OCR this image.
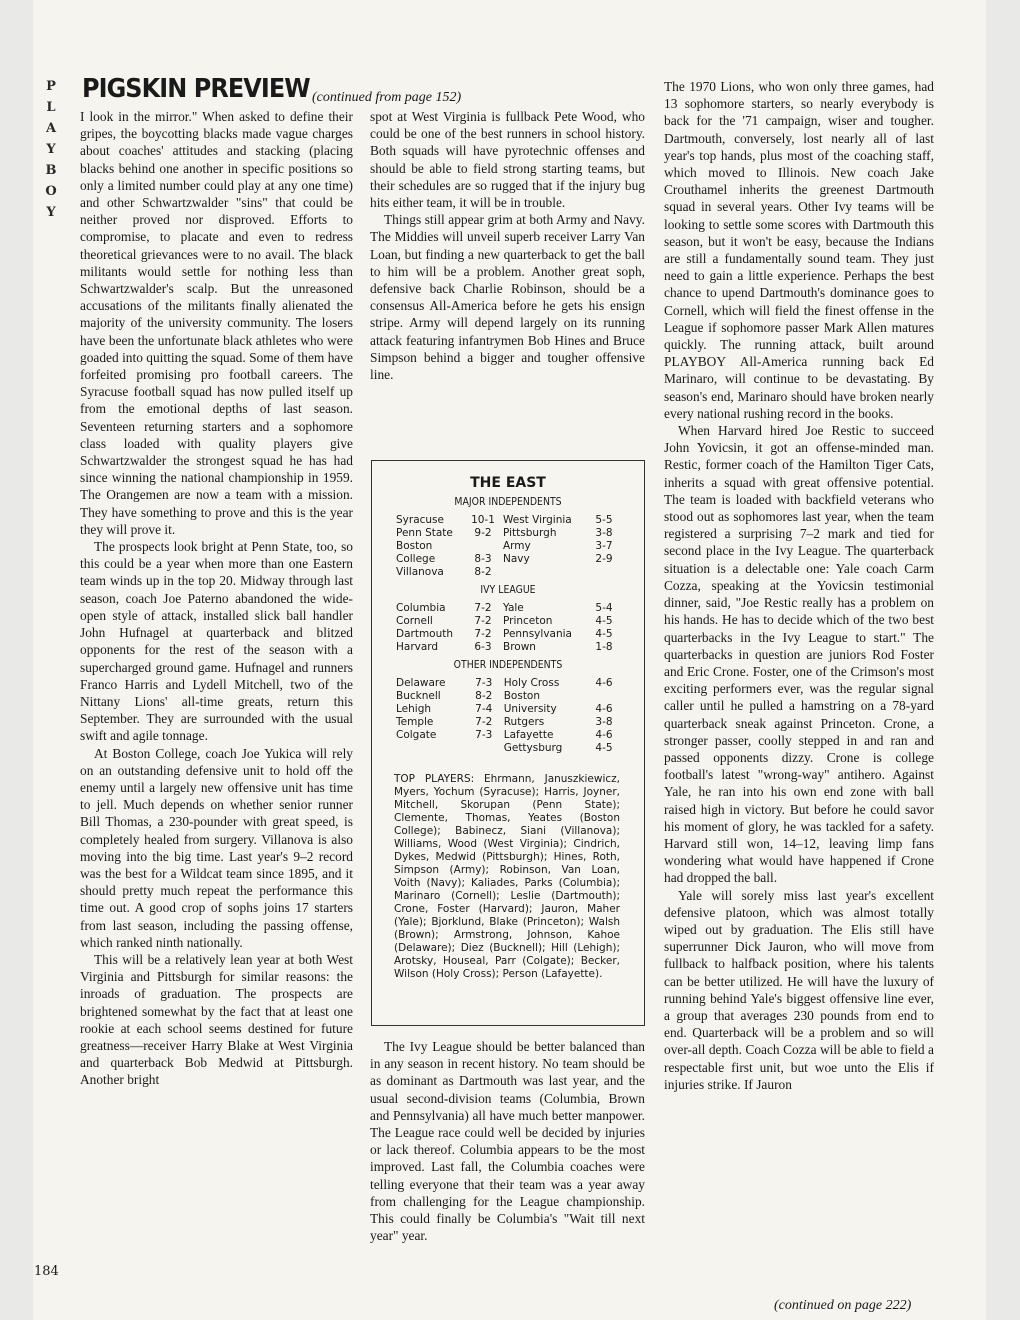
P
L
A
Y
B
O
Y
PIGSKIN PREVIEW (continued from page 152)

I look in the mirror." When asked to define their gripes, the boycotting blacks made vague charges about coaches' attitudes and stacking (placing blacks behind one another in specific positions so only a limited number could play at any one time) and other Schwartzwalder "sins" that could be neither proved nor disproved. Efforts to compromise, to placate and even to redress theoretical grievances were to no avail. The black militants would settle for nothing less than Schwartzwalder's scalp. But the unreasoned accusations of the militants finally alienated the majority of the university community. The losers have been the unfortunate black athletes who were goaded into quitting the squad. Some of them have forfeited promising pro football careers. The Syracuse football squad has now pulled itself up from the emotional depths of last season. Seventeen returning starters and a sophomore class loaded with quality players give Schwartzwalder the strongest squad he has had since winning the national championship in 1959. The Orangemen are now a team with a mission. They have something to prove and this is the year they will prove it.

The prospects look bright at Penn State, too, so this could be a year when more than one Eastern team winds up in the top 20. Midway through last season, coach Joe Paterno abandoned the wide-open style of attack, installed slick ball handler John Hufnagel at quarterback and blitzed opponents for the rest of the season with a supercharged ground game. Hufnagel and runners Franco Harris and Lydell Mitchell, two of the Nittany Lions' all-time greats, return this September. They are surrounded with the usual swift and agile tonnage.

At Boston College, coach Joe Yukica will rely on an outstanding defensive unit to hold off the enemy until a largely new offensive unit has time to jell. Much depends on whether senior runner Bill Thomas, a 230-pounder with great speed, is completely healed from surgery. Villanova is also moving into the big time. Last year's 9–2 record was the best for a Wildcat team since 1895, and it should pretty much repeat the performance this time out. A good crop of sophs joins 17 starters from last season, including the passing offense, which ranked ninth nationally.

This will be a relatively lean year at both West Virginia and Pittsburgh for similar reasons: the inroads of graduation. The prospects are brightened somewhat by the fact that at least one rookie at each school seems destined for future greatness—receiver Harry Blake at West Virginia and quarterback Bob Medwid at Pittsburgh. Another bright

spot at West Virginia is fullback Pete Wood, who could be one of the best runners in school history. Both squads will have pyrotechnic offenses and should be able to field strong starting teams, but their schedules are so rugged that if the injury bug hits either team, it will be in trouble.

Things still appear grim at both Army and Navy. The Middies will unveil superb receiver Larry Van Loan, but finding a new quarterback to get the ball to him will be a problem. Another great soph, defensive back Charlie Robinson, should be a consensus All-America before he gets his ensign stripe. Army will depend largely on its running attack featuring infantrymen Bob Hines and Bruce Simpson behind a bigger and tougher offensive line.

THE EAST
MAJOR INDEPENDENTS
Syracuse	10-1	West Virginia	5-5
Penn State	9-2	Pittsburgh	3-8
Boston		Army	3-7
College	8-3	Navy	2-9
Villanova	8-2		
IVY LEAGUE
Columbia	7-2	Yale	5-4
Cornell	7-2	Princeton	4-5
Dartmouth	7-2	Pennsylvania	4-5
Harvard	6-3	Brown	1-8
OTHER INDEPENDENTS
Delaware	7-3	Holy Cross	4-6
Bucknell	8-2	Boston	
Lehigh	7-4	University	4-6
Temple	7-2	Rutgers	3-8
Colgate	7-3	Lafayette	4-6
		Gettysburg	4-5
TOP PLAYERS: Ehrmann, Januszkiewicz, Myers, Yochum (Syracuse); Harris, Joyner, Mitchell, Skorupan (Penn State); Clemente, Thomas, Yeates (Boston College); Babinecz, Siani (Villanova); Williams, Wood (West Virginia); Cindrich, Dykes, Medwid (Pittsburgh); Hines, Roth, Simpson (Army); Robinson, Van Loan, Voith (Navy); Kaliades, Parks (Columbia); Marinaro (Cornell); Leslie (Dartmouth); Crone, Foster (Harvard); Jauron, Maher (Yale); Bjorklund, Blake (Princeton); Walsh (Brown); Armstrong, Johnson, Kahoe (Delaware); Diez (Bucknell); Hill (Lehigh); Arotsky, Houseal, Parr (Colgate); Becker, Wilson (Holy Cross); Person (Lafayette).

The Ivy League should be better balanced than in any season in recent history. No team should be as dominant as Dartmouth was last year, and the usual second-division teams (Columbia, Brown and Pennsylvania) all have much better manpower. The League race could well be decided by injuries or lack thereof. Columbia appears to be the most improved. Last fall, the Columbia coaches were telling everyone that their team was a year away from challenging for the League championship. This could finally be Columbia's "Wait till next year" year.

The 1970 Lions, who won only three games, had 13 sophomore starters, so nearly everybody is back for the '71 campaign, wiser and tougher. Dartmouth, conversely, lost nearly all of last year's top hands, plus most of the coaching staff, which moved to Illinois. New coach Jake Crouthamel inherits the greenest Dartmouth squad in several years. Other Ivy teams will be looking to settle some scores with Dartmouth this season, but it won't be easy, because the Indians are still a fundamentally sound team. They just need to gain a little experience. Perhaps the best chance to upend Dartmouth's dominance goes to Cornell, which will field the finest offense in the League if sophomore passer Mark Allen matures quickly. The running attack, built around PLAYBOY All-America running back Ed Marinaro, will continue to be devastating. By season's end, Marinaro should have broken nearly every national rushing record in the books.

When Harvard hired Joe Restic to succeed John Yovicsin, it got an offense-minded man. Restic, former coach of the Hamilton Tiger Cats, inherits a squad with great offensive potential. The team is loaded with backfield veterans who stood out as sophomores last year, when the team registered a surprising 7–2 mark and tied for second place in the Ivy League. The quarterback situation is a delectable one: Yale coach Carm Cozza, speaking at the Yovicsin testimonial dinner, said, "Joe Restic really has a problem on his hands. He has to decide which of the two best quarterbacks in the Ivy League to start." The quarterbacks in question are juniors Rod Foster and Eric Crone. Foster, one of the Crimson's most exciting performers ever, was the regular signal caller until he pulled a hamstring on a 78-yard quarterback sneak against Princeton. Crone, a stronger passer, coolly stepped in and ran and passed opponents dizzy. Crone is college football's latest "wrong-way" antihero. Against Yale, he ran into his own end zone with ball raised high in victory. But before he could savor his moment of glory, he was tackled for a safety. Harvard still won, 14–12, leaving limp fans wondering what would have happened if Crone had dropped the ball.

Yale will sorely miss last year's excellent defensive platoon, which was almost totally wiped out by graduation. The Elis still have superrunner Dick Jauron, who will move from fullback to halfback position, where his talents can be better utilized. He will have the luxury of running behind Yale's biggest offensive line ever, a group that averages 230 pounds from end to end. Quarterback will be a problem and so will over-all depth. Coach Cozza will be able to field a respectable first unit, but woe unto the Elis if injuries strike. If Jauron

(continued on page 222)
184
